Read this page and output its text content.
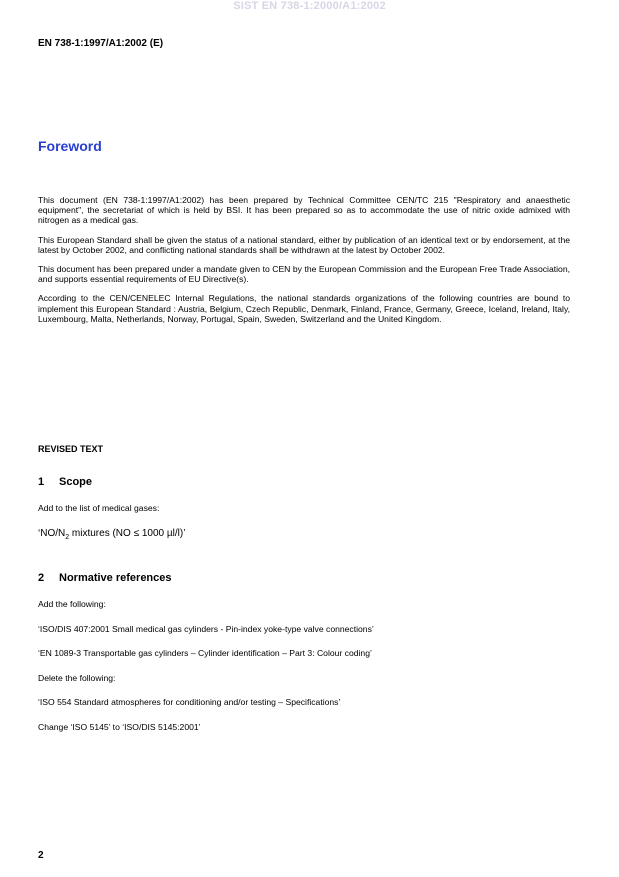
SIST EN 738-1:2000/A1:2002
EN 738-1:1997/A1:2002 (E)
Foreword

This document (EN 738-1:1997/A1:2002) has been prepared by Technical Committee CEN/TC 215 "Respiratory and anaesthetic equipment", the secretariat of which is held by BSI. It has been prepared so as to accommodate the use of nitric oxide admixed with nitrogen as a medical gas.

This European Standard shall be given the status of a national standard, either by publication of an identical text or by endorsement, at the latest by October 2002, and conflicting national standards shall be withdrawn at the latest by October 2002.

This document has been prepared under a mandate given to CEN by the European Commission and the European Free Trade Association, and supports essential requirements of EU Directive(s).

According to the CEN/CENELEC Internal Regulations, the national standards organizations of the following countries are bound to implement this European Standard : Austria, Belgium, Czech Republic, Denmark, Finland, France, Germany, Greece, Iceland, Ireland, Italy, Luxembourg, Malta, Netherlands, Norway, Portugal, Spain, Sweden, Switzerland and the United Kingdom.

REVISED TEXT
1 Scope
Add to the list of medical gases:
‘$NO/N_2$ mixtures (NO ≤ 1000 µl/l)’
2 Normative references
Add the following:
‘ISO/DIS 407:2001 Small medical gas cylinders - Pin-index yoke-type valve connections’
‘EN 1089-3 Transportable gas cylinders – Cylinder identification – Part 3: Colour coding’
Delete the following:
‘ISO 554 Standard atmospheres for conditioning and/or testing – Specifications’
Change ‘ISO 5145’ to ‘ISO/DIS 5145:2001’
2
